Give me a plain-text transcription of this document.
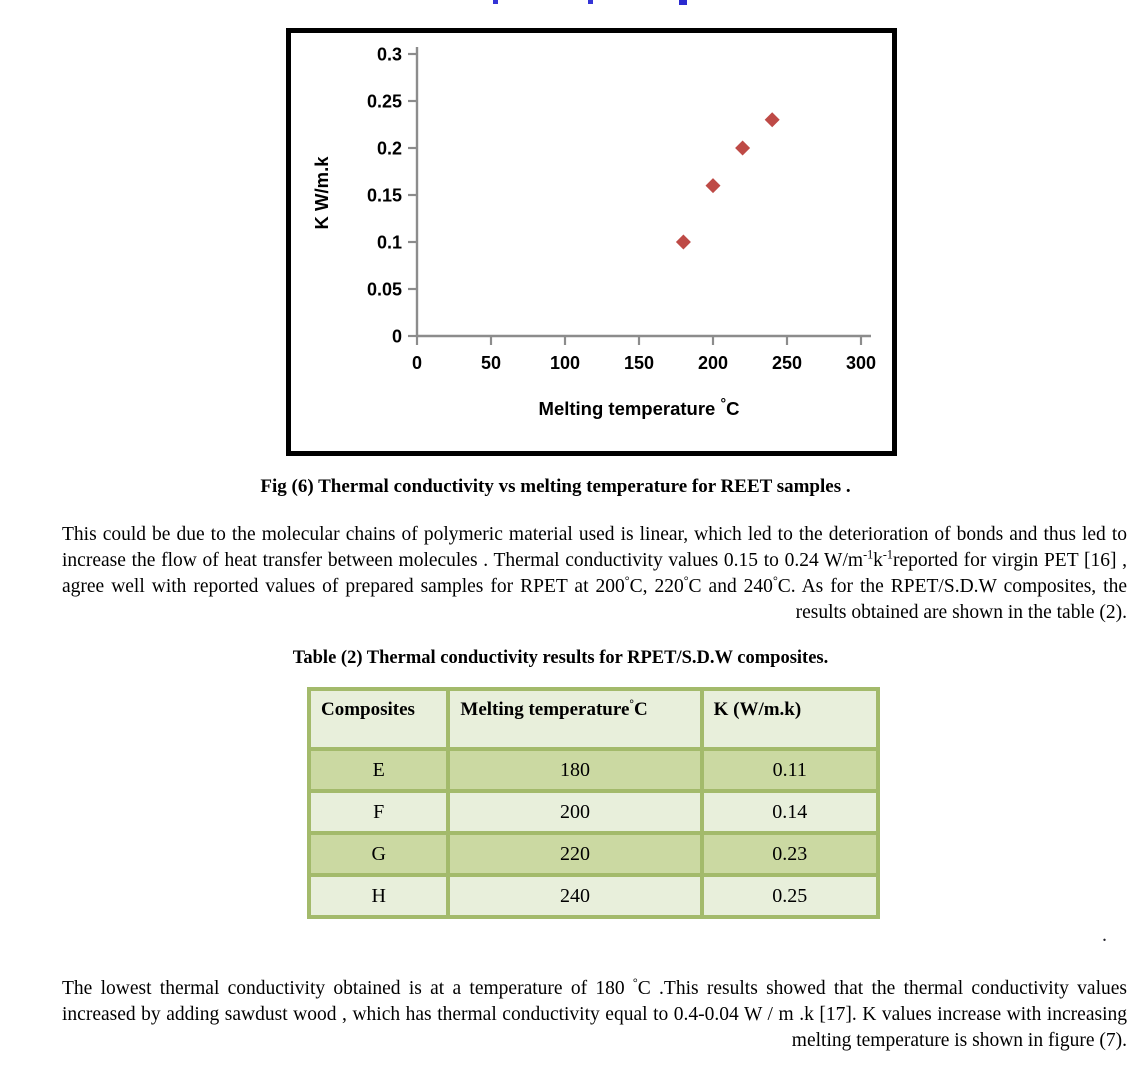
0
0.05
0.1
0.15
0.2
0.25
0.3
0	50	100 150 200 250 300
K W/m.k
Melting temperature °C
Fig (6) Thermal conductivity vs melting temperature for REET samples .
This could be due to the molecular chains of polymeric material used is linear, which led to the deterioration of bonds and thus led to increase the flow of heat transfer between molecules . Thermal conductivity values 0.15 to 0.24 $W/m^{-1}k^{-1}reported$ for virgin PET [16] , agree well with reported values of prepared samples for RPET at 200°C, 220°C and 240°C. As for the RPET/S.D.W composites, the results obtained are shown in the table (2).
Table (2) Thermal conductivity results for RPET/S.D.W composites.
Composites	Melting temperature°C	K (W/m.k)
E	180	0.11
F	200	0.14
G	220	0.23
H	240	0.25
.
The lowest thermal conductivity obtained is at a temperature of 180 °C .This results showed that the thermal conductivity values increased by adding sawdust wood , which has thermal conductivity equal to 0.4-0.04 W / m .k [17]. K values increase with increasing melting temperature is shown in figure (7).
